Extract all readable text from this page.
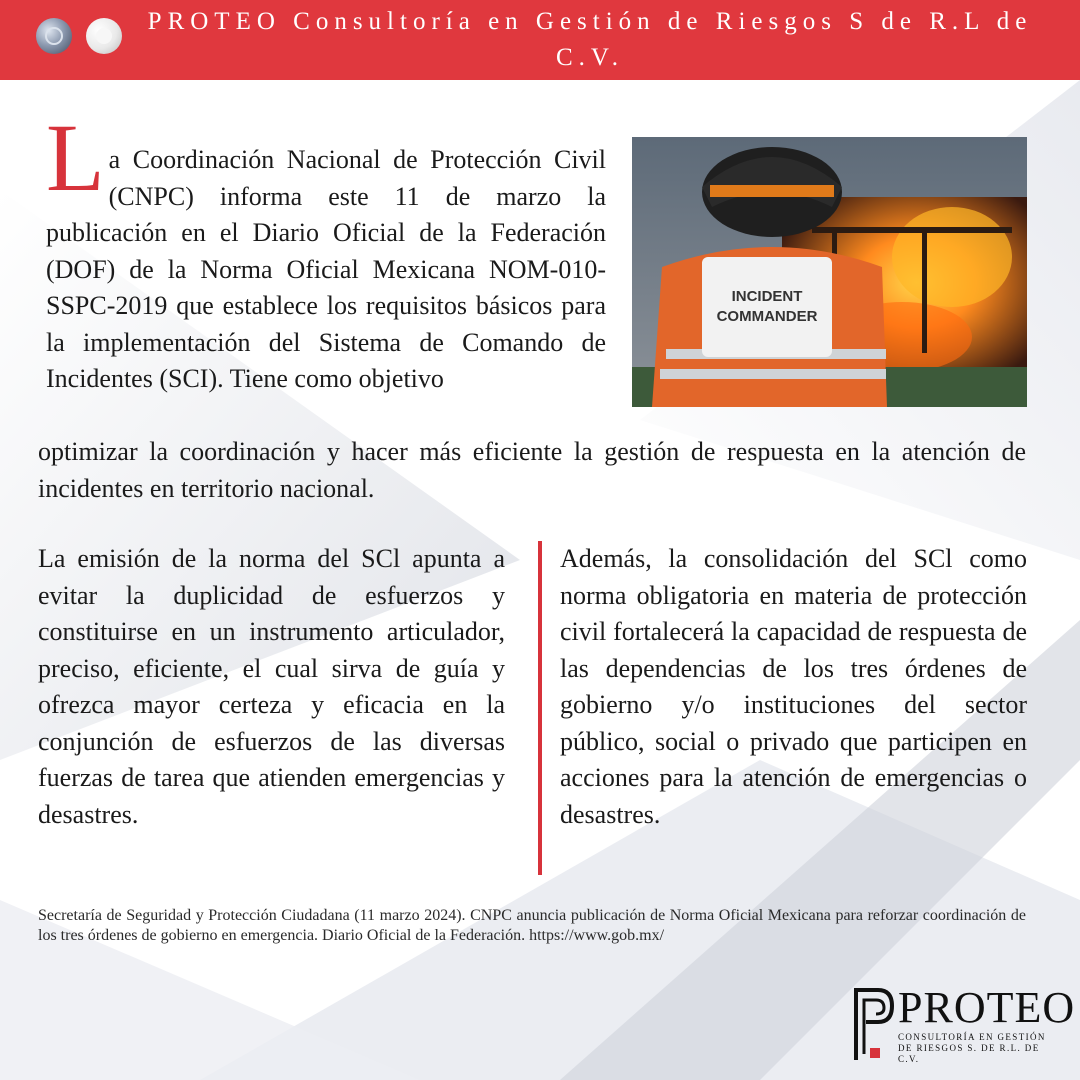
PROTEO Consultoría en Gestión de Riesgos S de R.L de C.V.
L a Coordinación Nacional de Protección Civil (CNPC) informa este 11 de marzo la publicación en el Diario Oficial de la Federación (DOF) de la Norma Oficial Mexicana NOM-010-SSPC-2019 que establece los requisitos básicos para la implementación del Sistema de Comando de Incidentes (SCI). Tiene como objetivo

INCIDENT
COMMANDER

optimizar la coordinación y hacer más eficiente la gestión de respuesta en la atención de incidentes en territorio nacional.

La emisión de la norma del SCl apunta a evitar la duplicidad de esfuerzos y constituirse en un instrumento articulador, preciso, eficiente, el cual sirva de guía y ofrezca mayor certeza y eficacia en la conjunción de esfuerzos de las diversas fuerzas de tarea que atienden emergencias y desastres.

Además, la consolidación del SCl como norma obligatoria en materia de protección civil fortalecerá la capacidad de respuesta de las dependencias de los tres órdenes de gobierno y/o instituciones del sector público, social o privado que participen en acciones para la atención de emergencias o desastres.

Secretaría de Seguridad y Protección Ciudadana (11 marzo 2024). CNPC anuncia publicación de Norma Oficial Mexicana para reforzar coordinación de los tres órdenes de gobierno en emergencia. Diario Oficial de la Federación. https://www.gob.mx/

PROTEO
CONSULTORÍA EN GESTIÓN DE RIESGOS S. DE R.L. DE C.V.
